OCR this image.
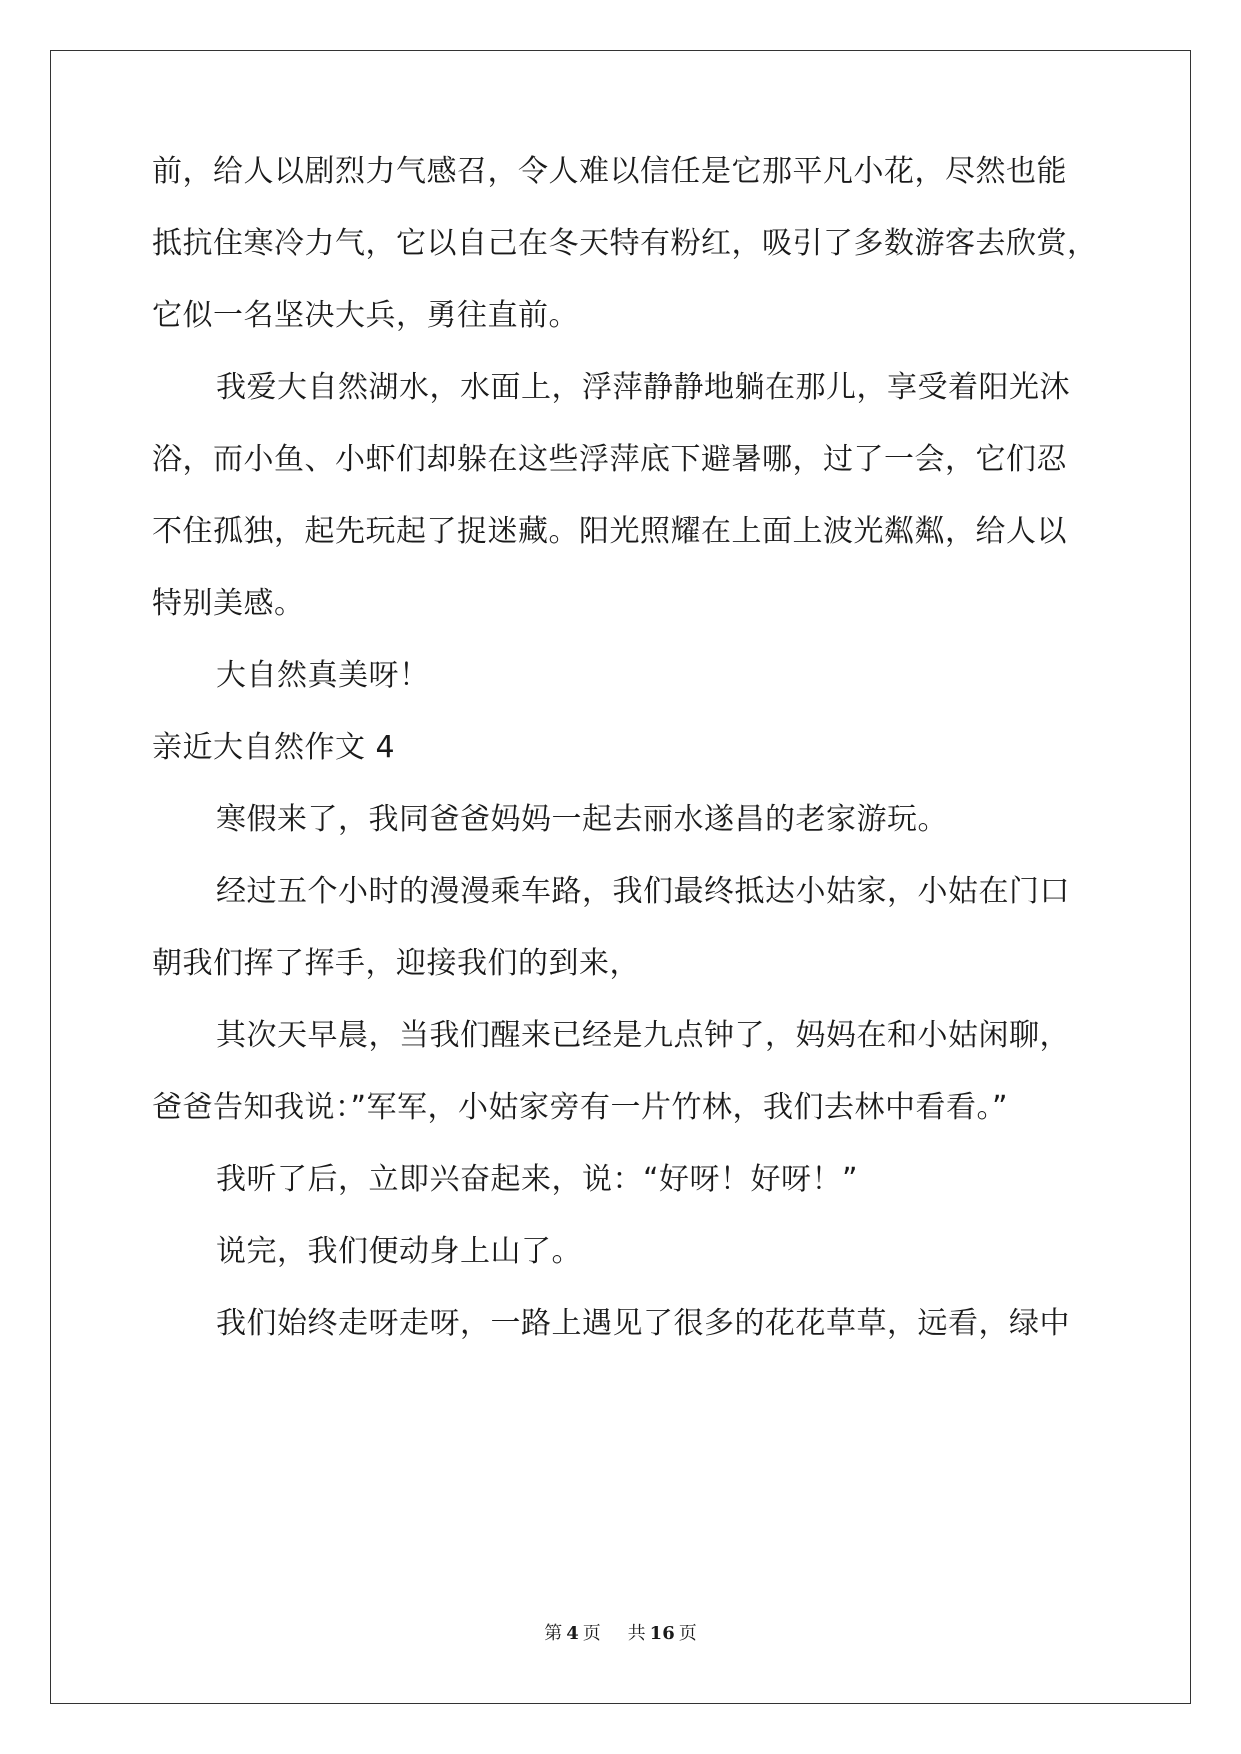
前，给人以剧烈力气感召，令人难以信任是它那平凡小花，尽然也能
抵抗住寒冷力气，它以自己在冬天特有粉红，吸引了多数游客去欣赏，
它似一名坚决大兵，勇往直前。
我爱大自然湖水，水面上，浮萍静静地躺在那儿，享受着阳光沐
浴，而小鱼、小虾们却躲在这些浮萍底下避暑哪，过了一会，它们忍
不住孤独，起先玩起了捉迷藏。阳光照耀在上面上波光粼粼，给人以
特别美感。
大自然真美呀！
亲近大自然作文 4
寒假来了，我同爸爸妈妈一起去丽水遂昌的老家游玩。
经过五个小时的漫漫乘车路，我们最终抵达小姑家，小姑在门口
朝我们挥了挥手，迎接我们的到来，
其次天早晨，当我们醒来已经是九点钟了，妈妈在和小姑闲聊，
爸爸告知我说：”军军，小姑家旁有一片竹林，我们去林中看看。”
我听了后，立即兴奋起来，说：“好呀！好呀！”
说完，我们便动身上山了。
我们始终走呀走呀，一路上遇见了很多的花花草草，远看，绿中
第 4 页 共 16 页
